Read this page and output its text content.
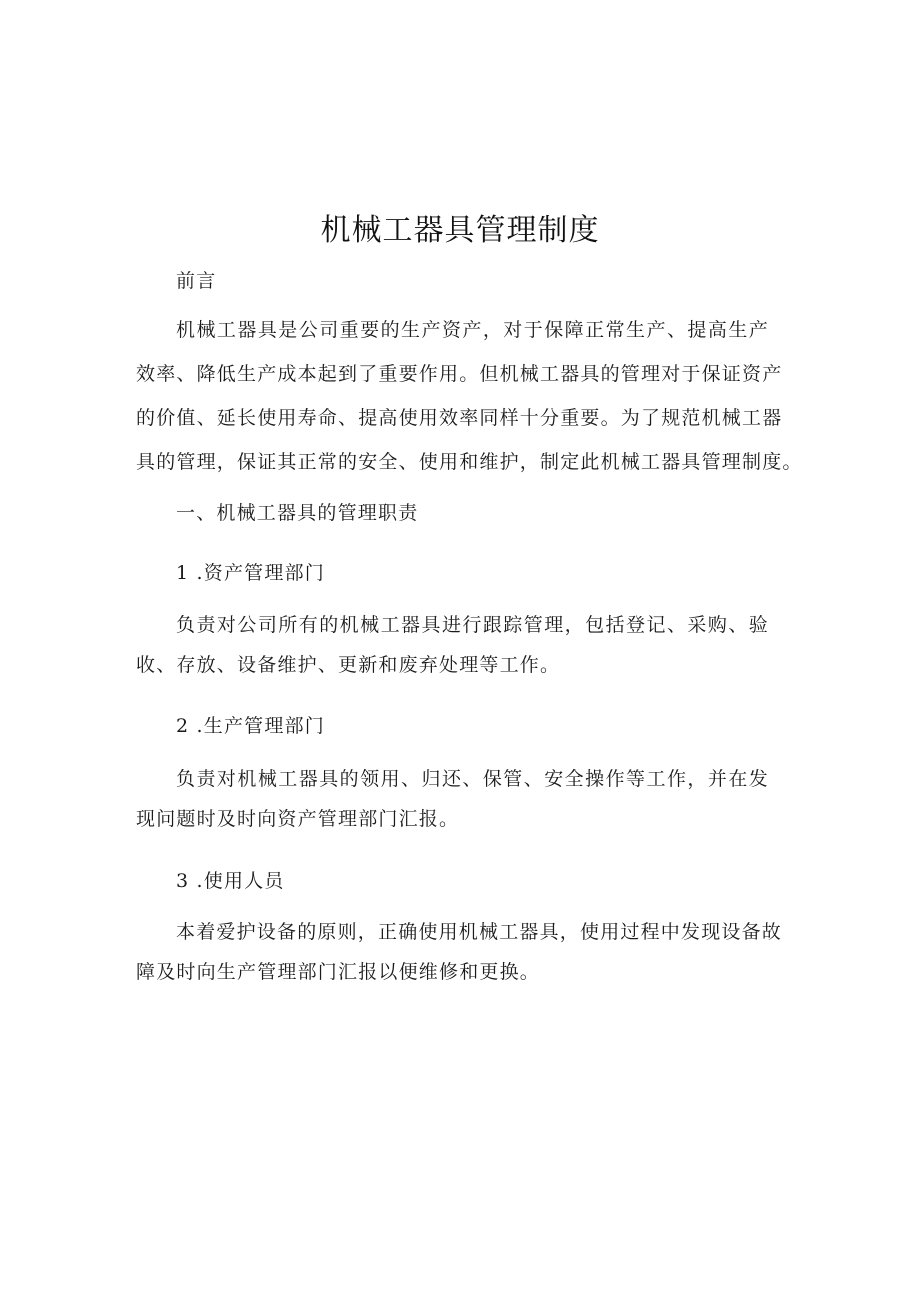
机械工器具管理制度
前言
机械工器具是公司重要的生产资产，对于保障正常生产、提高生产
效率、降低生产成本起到了重要作用。但机械工器具的管理对于保证资产
的价值、延长使用寿命、提高使用效率同样十分重要。为了规范机械工器
具的管理，保证其正常的安全、使用和维护，制定此机械工器具管理制度。
一、机械工器具的管理职责
1 .资产管理部门
负责对公司所有的机械工器具进行跟踪管理，包括登记、采购、验
收、存放、设备维护、更新和废弃处理等工作。
2 .生产管理部门
负责对机械工器具的领用、归还、保管、安全操作等工作，并在发
现问题时及时向资产管理部门汇报。
3 .使用人员
本着爱护设备的原则，正确使用机械工器具，使用过程中发现设备故
障及时向生产管理部门汇报以便维修和更换。
